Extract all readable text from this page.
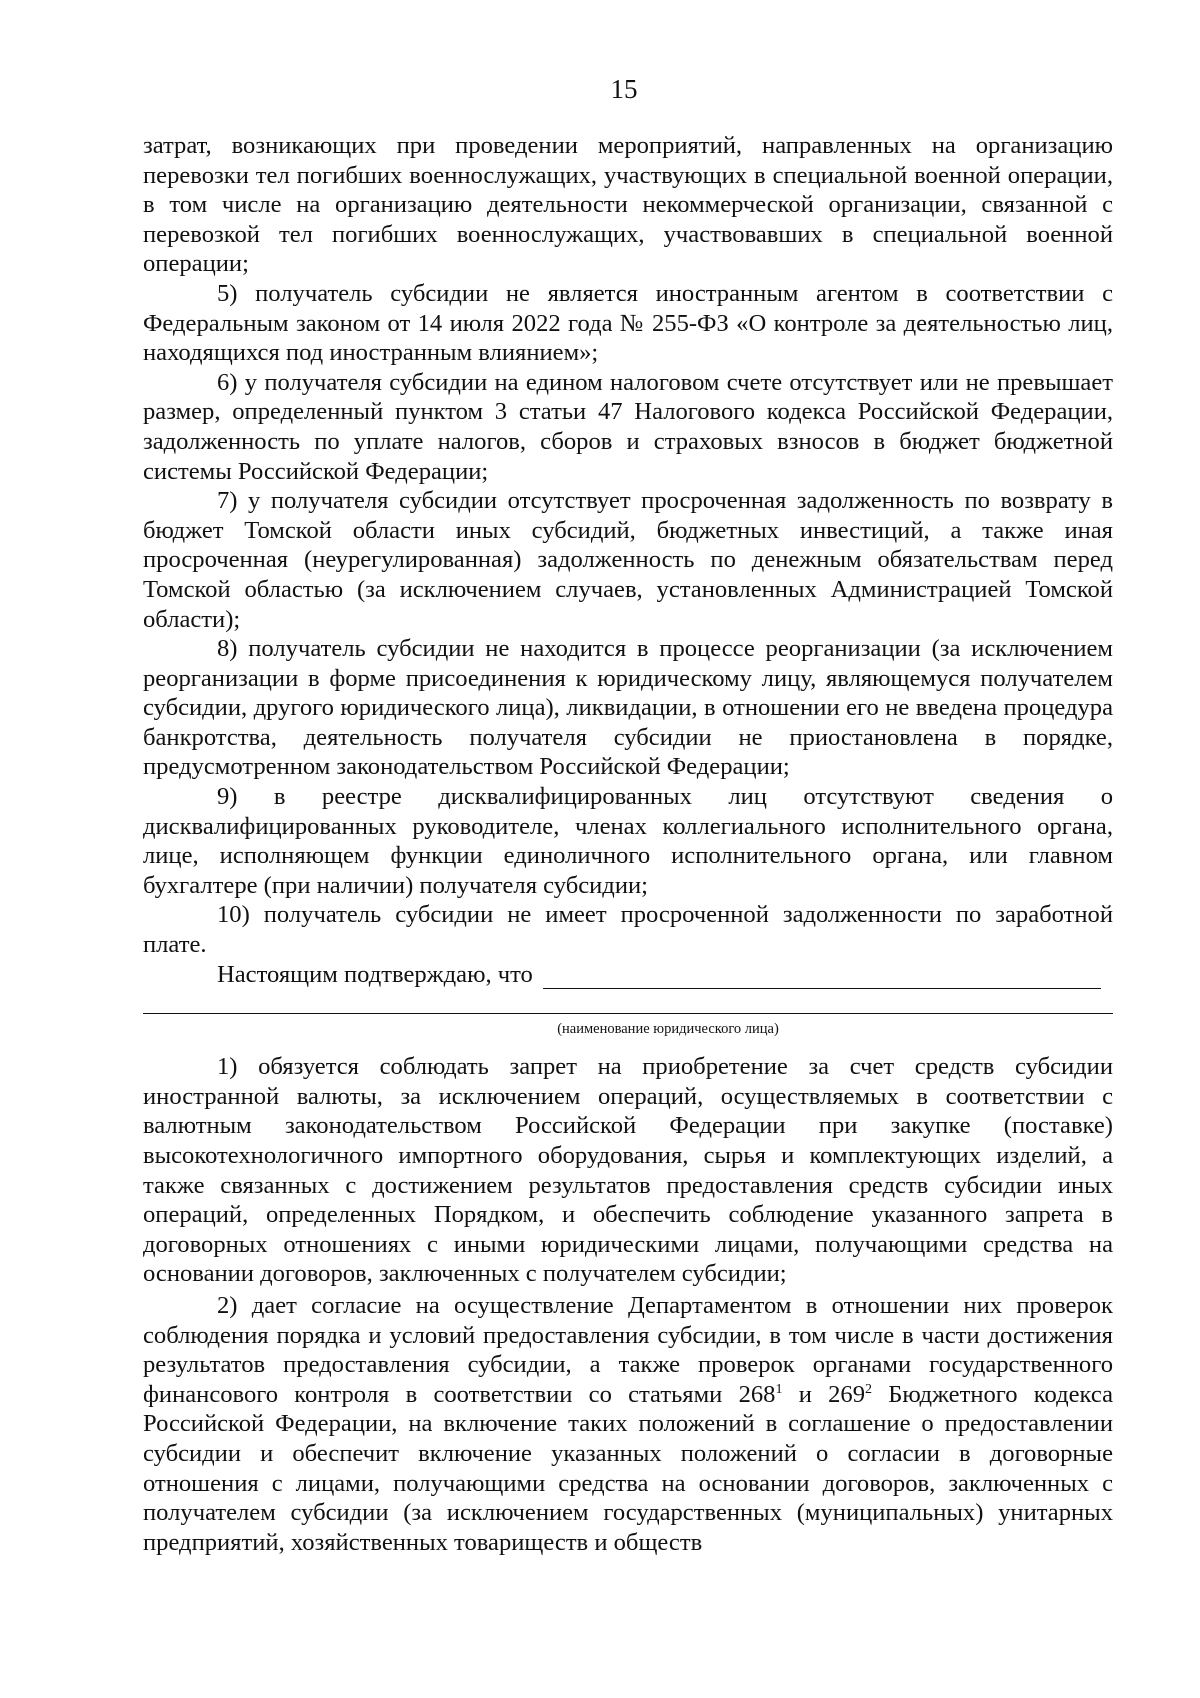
15

затрат, возникающих при проведении мероприятий, направленных на организацию перевозки тел погибших военнослужащих, участвующих в специальной военной операции, в том числе на организацию деятельности некоммерческой организации, связанной с перевозкой тел погибших военнослужащих, участвовавших в специальной военной операции;

5) получатель субсидии не является иностранным агентом в соответствии с Федеральным законом от 14 июля 2022 года № 255-ФЗ «О контроле за деятельностью лиц, находящихся под иностранным влиянием»;

6) у получателя субсидии на едином налоговом счете отсутствует или не превышает размер, определенный пунктом 3 статьи 47 Налогового кодекса Российской Федерации, задолженность по уплате налогов, сборов и страховых взносов в бюджет бюджетной системы Российской Федерации;

7) у получателя субсидии отсутствует просроченная задолженность по возврату в бюджет Томской области иных субсидий, бюджетных инвестиций, а также иная просроченная (неурегулированная) задолженность по денежным обязательствам перед Томской областью (за исключением случаев, установленных Администрацией Томской области);

8) получатель субсидии не находится в процессе реорганизации (за исключением реорганизации в форме присоединения к юридическому лицу, являющемуся получателем субсидии, другого юридического лица), ликвидации, в отношении его не введена процедура банкротства, деятельность получателя субсидии не приостановлена в порядке, предусмотренном законодательством Российской Федерации;

9) в реестре дисквалифицированных лиц отсутствуют сведения о дисквалифицированных руководителе, членах коллегиального исполнительного органа, лице, исполняющем функции единоличного исполнительного органа, или главном бухгалтере (при наличии) получателя субсидии;

10) получатель субсидии не имеет просроченной задолженности по заработной плате.

Настоящим подтверждаю, что
(наименование юридического лица)

1) обязуется соблюдать запрет на приобретение за счет средств субсидии иностранной валюты, за исключением операций, осуществляемых в соответствии с валютным законодательством Российской Федерации при закупке (поставке) высокотехнологичного импортного оборудования, сырья и комплектующих изделий, а также связанных с достижением результатов предоставления средств субсидии иных операций, определенных Порядком, и обеспечить соблюдение указанного запрета в договорных отношениях с иными юридическими лицами, получающими средства на основании договоров, заключенных с получателем субсидии;

2) дает согласие на осуществление Департаментом в отношении них проверок соблюдения порядка и условий предоставления субсидии, в том числе в части достижения результатов предоставления субсидии, а также проверок органами государственного финансового контроля в соответствии со статьями $268^1$ и $269^2$ Бюджетного кодекса Российской Федерации, на включение таких положений в соглашение о предоставлении субсидии и обеспечит включение указанных положений о согласии в договорные отношения с лицами, получающими средства на основании договоров, заключенных с получателем субсидии (за исключением государственных (муниципальных) унитарных предприятий, хозяйственных товариществ и обществ
